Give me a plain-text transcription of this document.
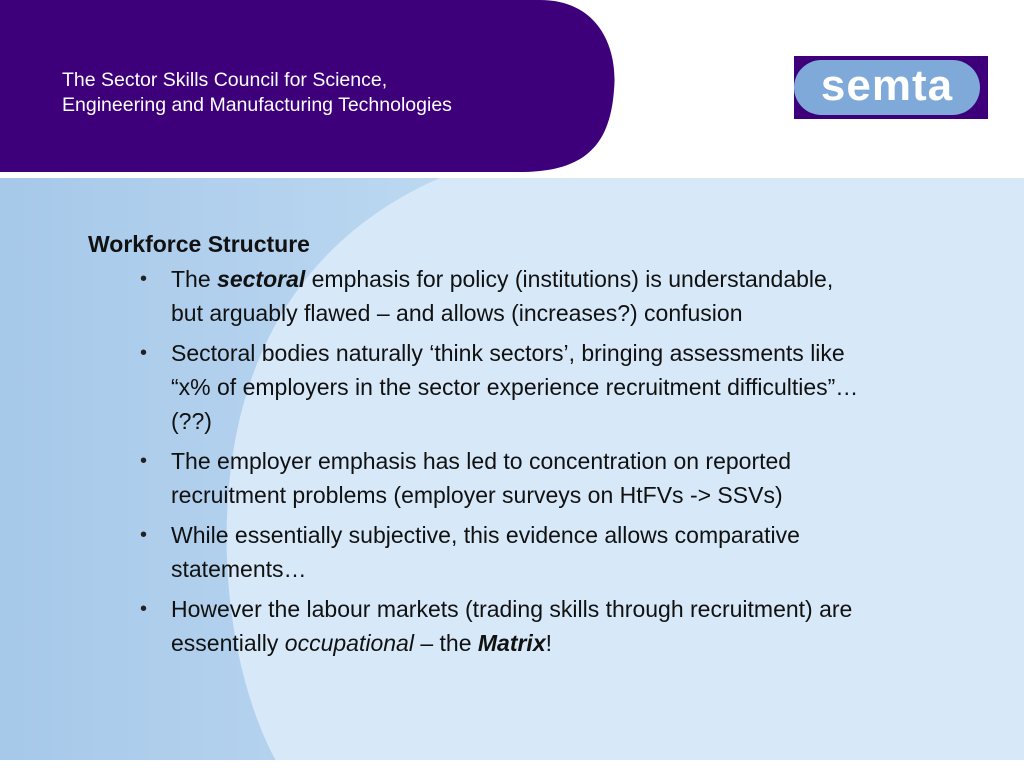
The Sector Skills Council for Science,
Engineering and Manufacturing Technologies	semta
Workforce Structure
• The sectoral emphasis for policy (institutions) is understandable, but arguably flawed – and allows (increases?) confusion
• Sectoral bodies naturally ‘think sectors’, bringing assessments like “x% of employers in the sector experience recruitment difficulties”…(??)
• The employer emphasis has led to concentration on reported recruitment problems (employer surveys on HtFVs -> SSVs)
• While essentially subjective, this evidence allows comparative statements…
• However the labour markets (trading skills through recruitment) are essentially occupational – the Matrix!
